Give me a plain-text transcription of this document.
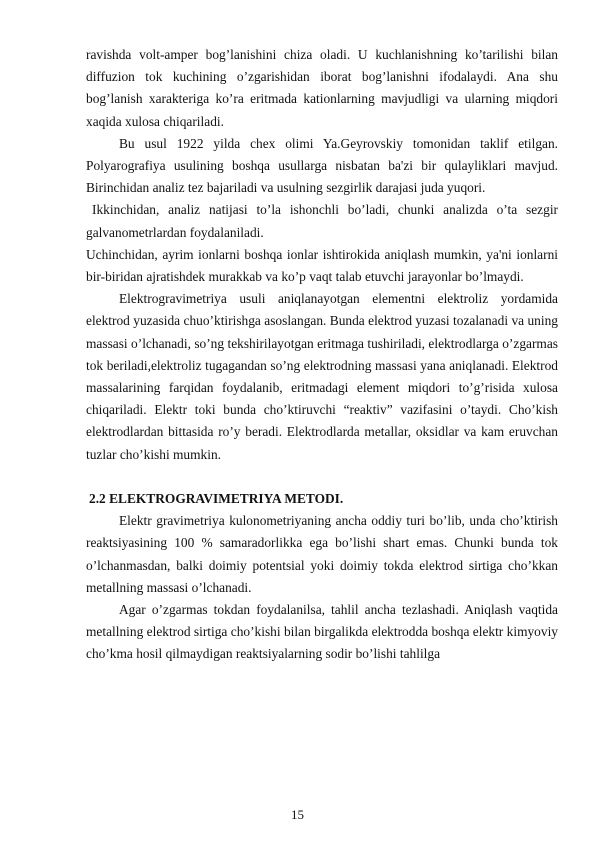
ravishda volt-amper bog’lanishini chiza oladi. U kuchlanishning ko’tarilishi bilan diffuzion tok kuchining o’zgarishidan iborat bog’lanishni ifodalaydi. Ana shu bog’lanish xarakteriga ko’ra eritmada kationlarning mavjudligi va ularning miqdori xaqida xulosa chiqariladi.

Bu usul 1922 yilda chex olimi Ya.Geyrovskiy tomonidan taklif etilgan. Polyarografiya usulining boshqa usullarga nisbatan ba'zi bir qulayliklari mavjud. Birinchidan analiz tez bajariladi va usulning sezgirlik darajasi juda yuqori.

Ikkinchidan, analiz natijasi to’la ishonchli bo’ladi, chunki analizda o’ta sezgir galvanometrlardan foydalaniladi.

Uchinchidan, ayrim ionlarni boshqa ionlar ishtirokida aniqlash mumkin, ya'ni ionlarni bir-biridan ajratishdek murakkab va ko’p vaqt talab etuvchi jarayonlar bo’lmaydi.

Elektrogravimetriya usuli aniqlanayotgan elementni elektroliz yordamida elektrod yuzasida chuo’ktirishga asoslangan. Bunda elektrod yuzasi tozalanadi va uning massasi o’lchanadi, so’ng tekshirilayotgan eritmaga tushiriladi, elektrodlarga o’zgarmas tok beriladi,elektroliz tugagandan so’ng elektrodning massasi yana aniqlanadi. Elektrod massalarining farqidan foydalanib, eritmadagi element miqdori to’g’risida xulosa chiqariladi. Elektr toki bunda cho’ktiruvchi “reaktiv” vazifasini o’taydi. Cho’kish elektrodlardan bittasida ro’y beradi. Elektrodlarda metallar, oksidlar va kam eruvchan tuzlar cho’kishi mumkin.

2.2 ELEKTROGRAVIMETRIYA METODI.

Elektr gravimetriya kulonometriyaning ancha oddiy turi bo’lib, unda cho’ktirish reaktsiyasining 100 % samaradorlikka ega bo’lishi shart emas. Chunki bunda tok o’lchanmasdan, balki doimiy potentsial yoki doimiy tokda elektrod sirtiga cho’kkan metallning massasi o’lchanadi.

Agar o’zgarmas tokdan foydalanilsa, tahlil ancha tezlashadi. Aniqlash vaqtida metallning elektrod sirtiga cho’kishi bilan birgalikda elektrodda boshqa elektr kimyoviy cho’kma hosil qilmaydigan reaktsiyalarning sodir bo’lishi tahlilga

15
